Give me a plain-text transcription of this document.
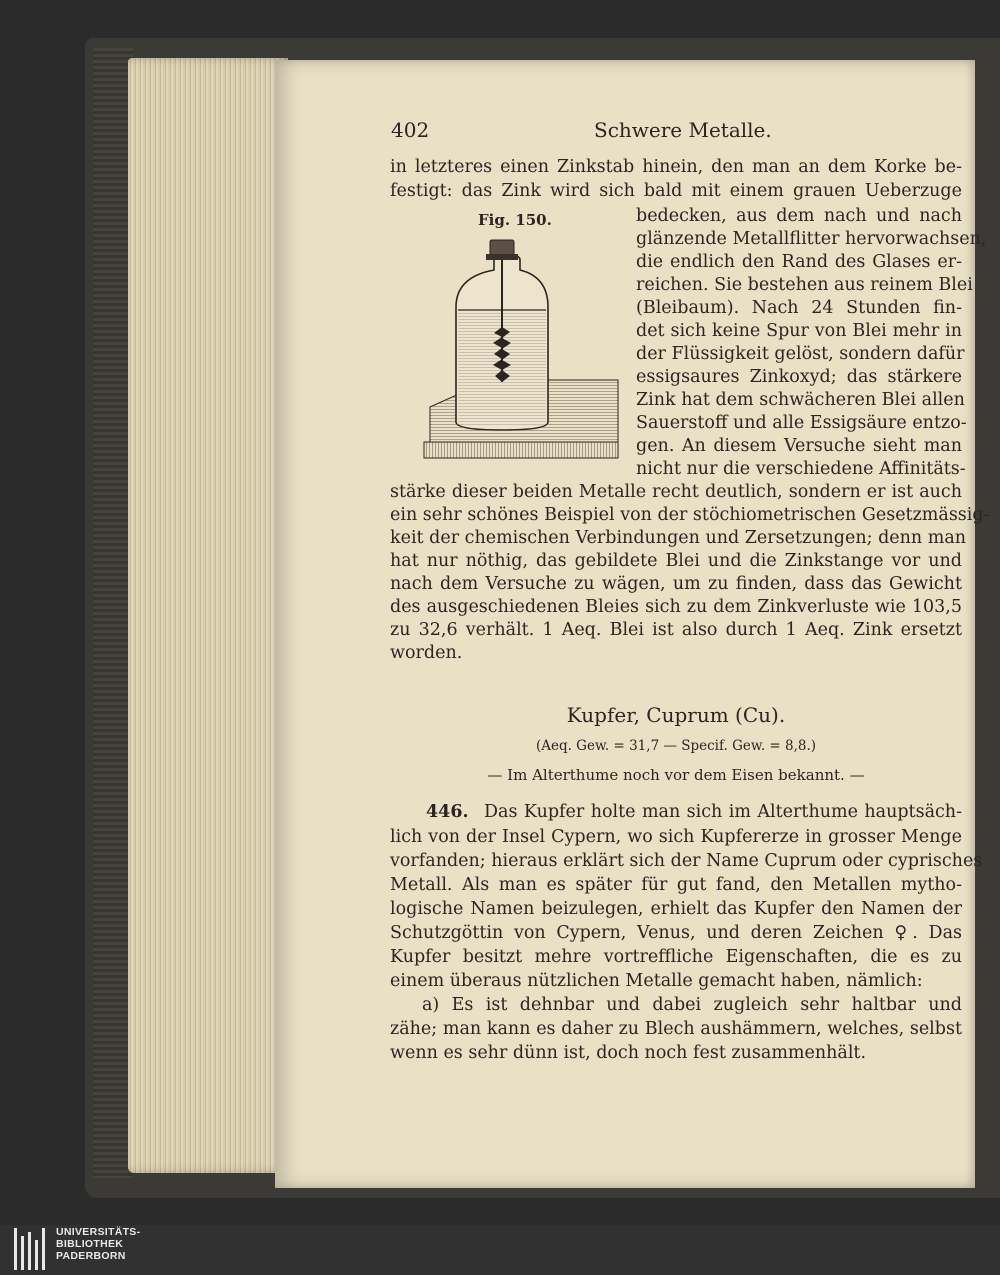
402	Schwere Metalle.
in letzteres einen Zinkstab hinein, den man an dem Korke be-
festigt: das Zink wird sich bald mit einem grauen Ueberzuge
Fig. 150.	bedecken, aus dem nach und nach
glänzende Metallflitter hervorwachsen,
die endlich den Rand des Glases er-
reichen. Sie bestehen aus reinem Blei
(Bleibaum). Nach 24 Stunden fin-
det sich keine Spur von Blei mehr in
der Flüssigkeit gelöst, sondern dafür
essigsaures Zinkoxyd; das stärkere
Zink hat dem schwächeren Blei allen
Sauerstoff und alle Essigsäure entzo-
gen. An diesem Versuche sieht man
nicht nur die verschiedene Affinitäts-
stärke dieser beiden Metalle recht deutlich, sondern er ist auch
ein sehr schönes Beispiel von der stöchiometrischen Gesetzmässig-
keit der chemischen Verbindungen und Zersetzungen; denn man
hat nur nöthig, das gebildete Blei und die Zinkstange vor und
nach dem Versuche zu wägen, um zu finden, dass das Gewicht
des ausgeschiedenen Bleies sich zu dem Zinkverluste wie 103,5
zu 32,6 verhält. 1 Aeq. Blei ist also durch 1 Aeq. Zink ersetzt
worden.
Kupfer, Cuprum (Cu).
(Aeq. Gew. = 31,7 — Specif. Gew. = 8,8.)
— Im Alterthume noch vor dem Eisen bekannt. —
446. Das Kupfer holte man sich im Alterthume hauptsäch-
lich von der Insel Cypern, wo sich Kupfererze in grosser Menge
vorfanden; hieraus erklärt sich der Name Cuprum oder cyprisches
Metall. Als man es später für gut fand, den Metallen mytho-
logische Namen beizulegen, erhielt das Kupfer den Namen der
Schutzgöttin von Cypern, Venus, und deren Zeichen ♀. Das
Kupfer besitzt mehre vortreffliche Eigenschaften, die es zu
einem überaus nützlichen Metalle gemacht haben, nämlich:
a) Es ist dehnbar und dabei zugleich sehr haltbar und
zähe; man kann es daher zu Blech aushämmern, welches, selbst
wenn es sehr dünn ist, doch noch fest zusammenhält.
UNIVERSITÄTS-
BIBLIOTHEK
PADERBORN
